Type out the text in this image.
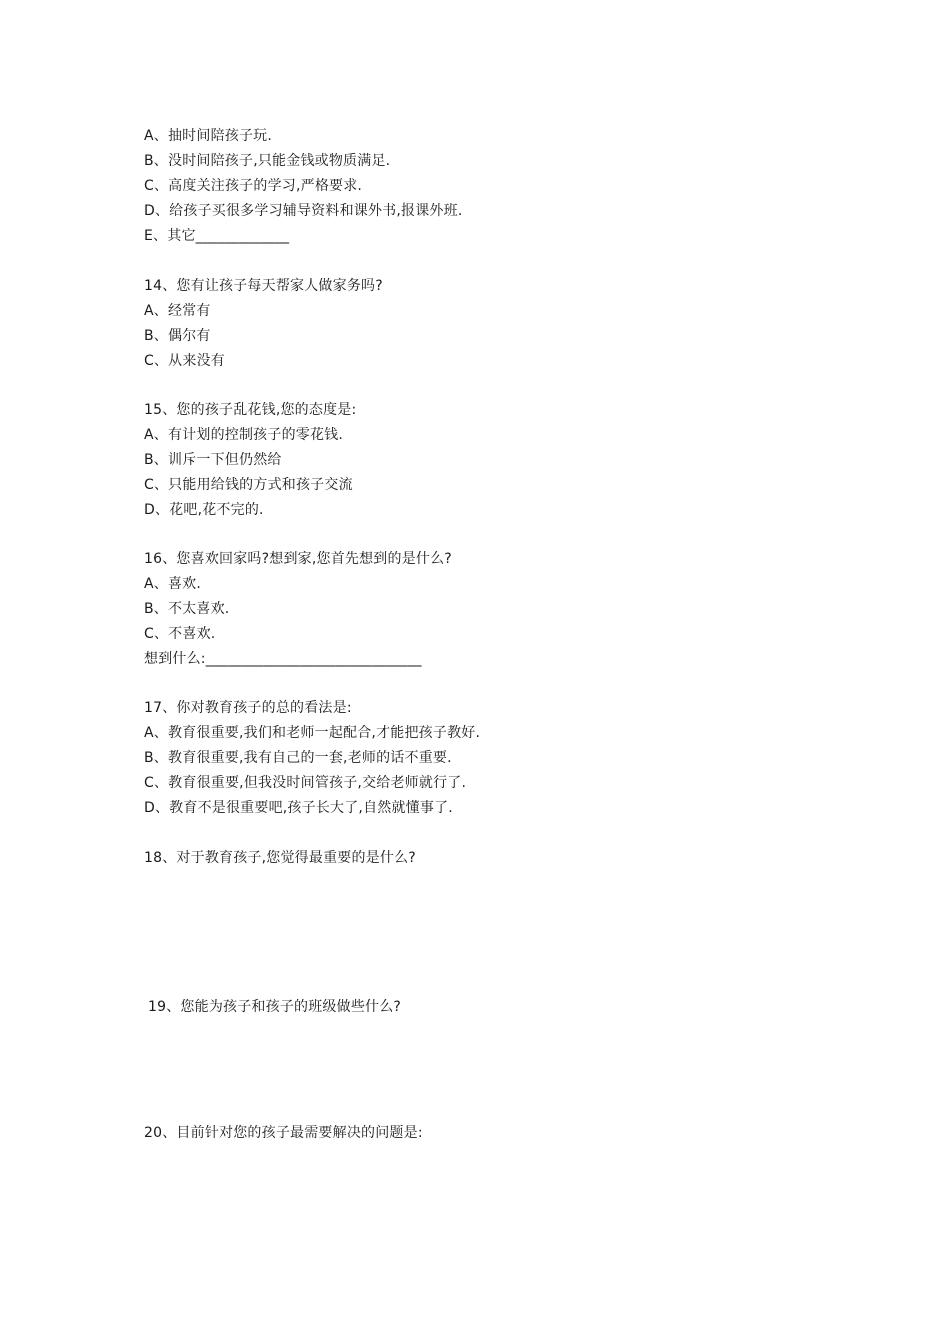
A、抽时间陪孩子玩.
B、没时间陪孩子,只能金钱或物质满足.
C、高度关注孩子的学习,严格要求.
D、给孩子买很多学习辅导资料和课外书,报课外班.
E、其它_____________
14、您有让孩子每天帮家人做家务吗?
A、经常有
B、偶尔有
C、从来没有
15、您的孩子乱花钱,您的态度是:
A、有计划的控制孩子的零花钱.
B、训斥一下但仍然给
C、只能用给钱的方式和孩子交流
D、花吧,花不完的.
16、您喜欢回家吗?想到家,您首先想到的是什么?
A、喜欢.
B、不太喜欢.
C、不喜欢.
想到什么:______________________________
17、你对教育孩子的总的看法是:
A、教育很重要,我们和老师一起配合,才能把孩子教好.
B、教育很重要,我有自己的一套,老师的话不重要.
C、教育很重要,但我没时间管孩子,交给老师就行了.
D、教育不是很重要吧,孩子长大了,自然就懂事了.
18、对于教育孩子,您觉得最重要的是什么?
19、您能为孩子和孩子的班级做些什么?
20、目前针对您的孩子最需要解决的问题是:
